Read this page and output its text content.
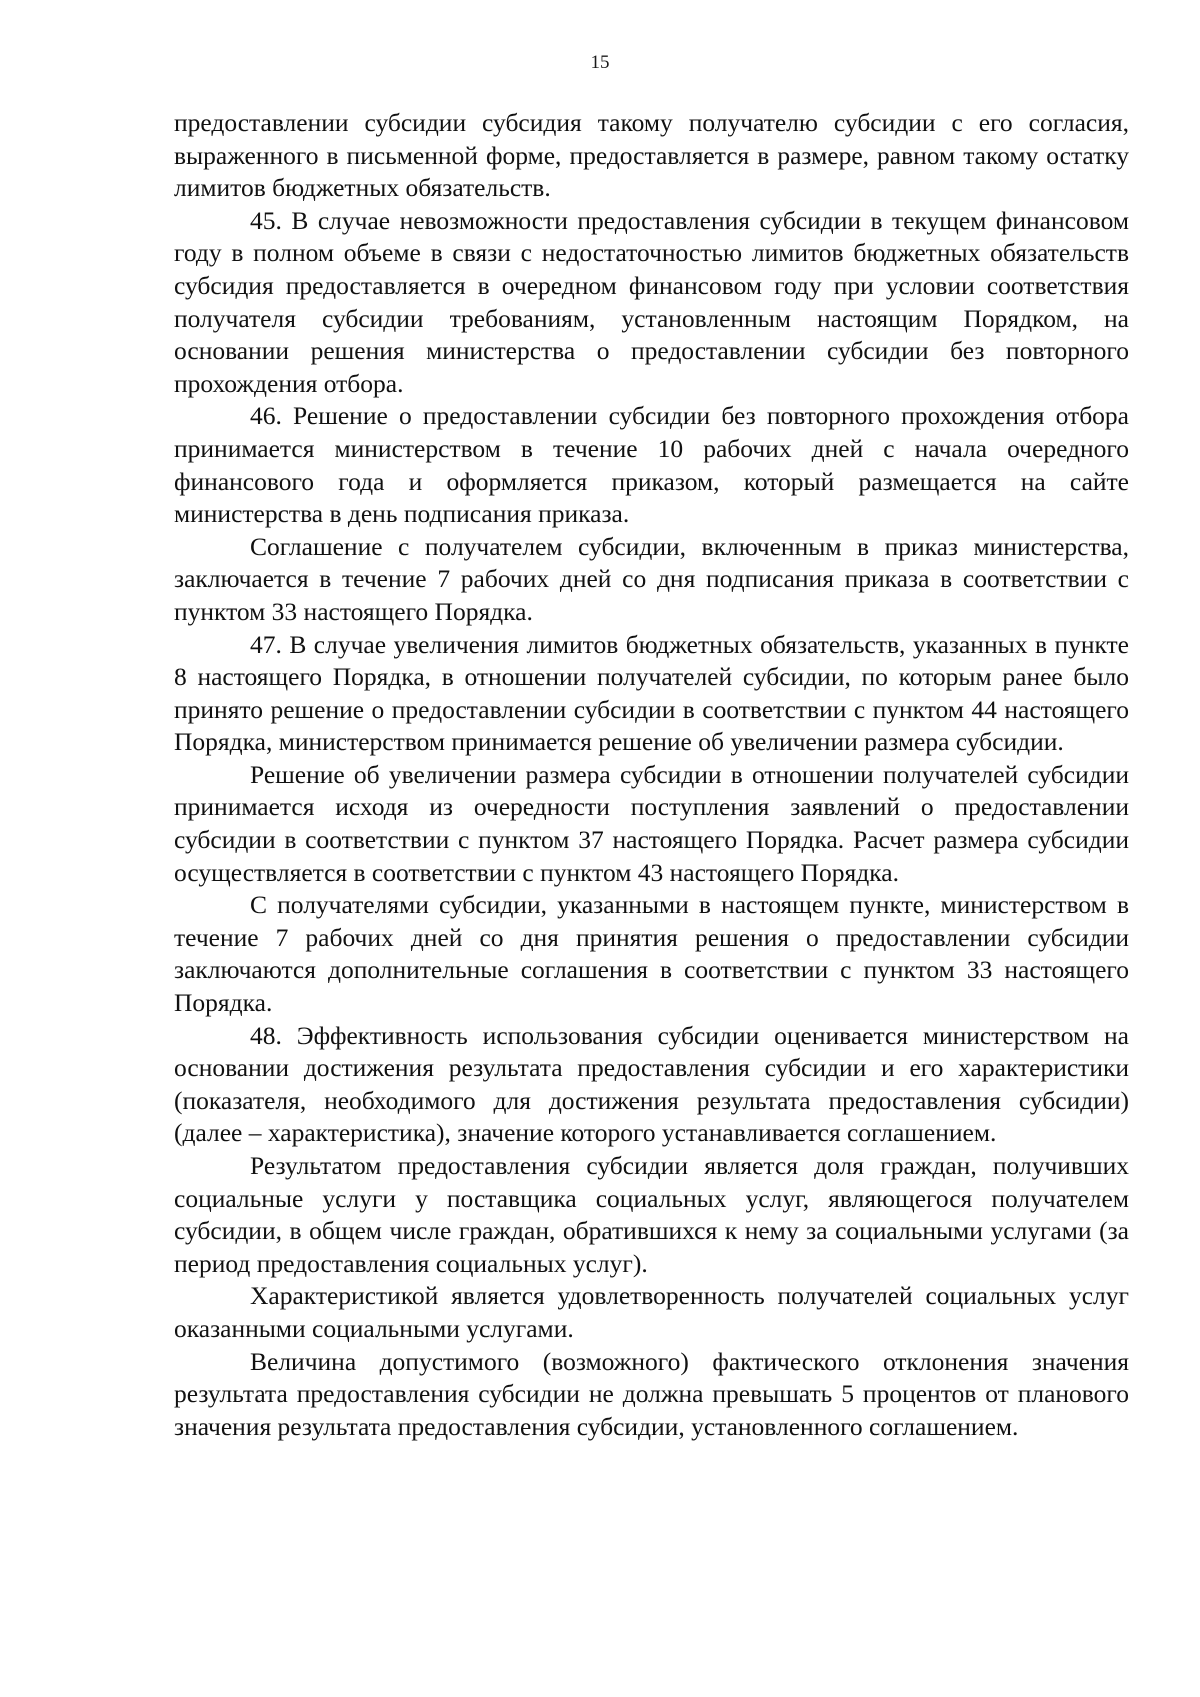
15

предоставлении субсидии субсидия такому получателю субсидии с его согласия, выраженного в письменной форме, предоставляется в размере, равном такому остатку лимитов бюджетных обязательств.

45. В случае невозможности предоставления субсидии в текущем финансовом году в полном объеме в связи с недостаточностью лимитов бюджетных обязательств субсидия предоставляется в очередном финансовом году при условии соответствия получателя субсидии требованиям, установленным настоящим Порядком, на основании решения министерства о предоставлении субсидии без повторного прохождения отбора.

46. Решение о предоставлении субсидии без повторного прохождения отбора принимается министерством в течение 10 рабочих дней с начала очередного финансового года и оформляется приказом, который размещается на сайте министерства в день подписания приказа.

Соглашение с получателем субсидии, включенным в приказ министерства, заключается в течение 7 рабочих дней со дня подписания приказа в соответствии с пунктом 33 настоящего Порядка.

47. В случае увеличения лимитов бюджетных обязательств, указанных в пункте 8 настоящего Порядка, в отношении получателей субсидии, по которым ранее было принято решение о предоставлении субсидии в соответствии с пунктом 44 настоящего Порядка, министерством принимается решение об увеличении размера субсидии.

Решение об увеличении размера субсидии в отношении получателей субсидии принимается исходя из очередности поступления заявлений о предоставлении субсидии в соответствии с пунктом 37 настоящего Порядка. Расчет размера субсидии осуществляется в соответствии с пунктом 43 настоящего Порядка.

С получателями субсидии, указанными в настоящем пункте, министерством в течение 7 рабочих дней со дня принятия решения о предоставлении субсидии заключаются дополнительные соглашения в соответствии с пунктом 33 настоящего Порядка.

48. Эффективность использования субсидии оценивается министерством на основании достижения результата предоставления субсидии и его характеристики (показателя, необходимого для достижения результата предоставления субсидии) (далее – характеристика), значение которого устанавливается соглашением.

Результатом предоставления субсидии является доля граждан, получивших социальные услуги у поставщика социальных услуг, являющегося получателем субсидии, в общем числе граждан, обратившихся к нему за социальными услугами (за период предоставления социальных услуг).

Характеристикой является удовлетворенность получателей социальных услуг оказанными социальными услугами.

Величина допустимого (возможного) фактического отклонения значения результата предоставления субсидии не должна превышать 5 процентов от планового значения результата предоставления субсидии, установленного соглашением.
